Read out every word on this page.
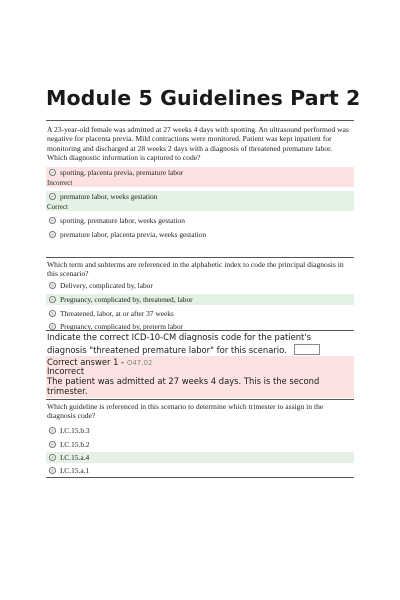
Module 5 Guidelines Part 2
A 23-year-old female was admitted at 27 weeks 4 days with spotting. An ultrasound performed was negative for placenta previa. Mild contractions were monitored. Patient was kept inpatient for monitoring and discharged at 28 weeks 2 days with a diagnosis of threatened premature labor. Which diagnostic information is captured to code?
spotting, placenta previa, premature labor
Incorrect
premature labor, weeks gestation
Correct
spotting, premature labor, weeks gestation
premature labor, placenta previa, weeks gestation
Which term and subterms are referenced in the alphabetic index to code the principal diagnosis in this scenario?
Delivery, complicated by, labor
Pregnancy, complicated by, threatened, labor
Threatened, labor, at or after 37 weeks
Pregnancy, complicated by, preterm labor
Indicate the correct ICD-10-CM diagnosis code for the patient's diagnosis "threatened premature labor" for this scenario.
Correct answer 1 - O47.02
Incorrect
The patient was admitted at 27 weeks 4 days. This is the second trimester.
Which guideline is referenced in this scenario to determine which trimester to assign in the diagnosis code?
I.C.15.b.3
I.C.15.b.2
I.C.15.a.4
I.C.15.a.1
